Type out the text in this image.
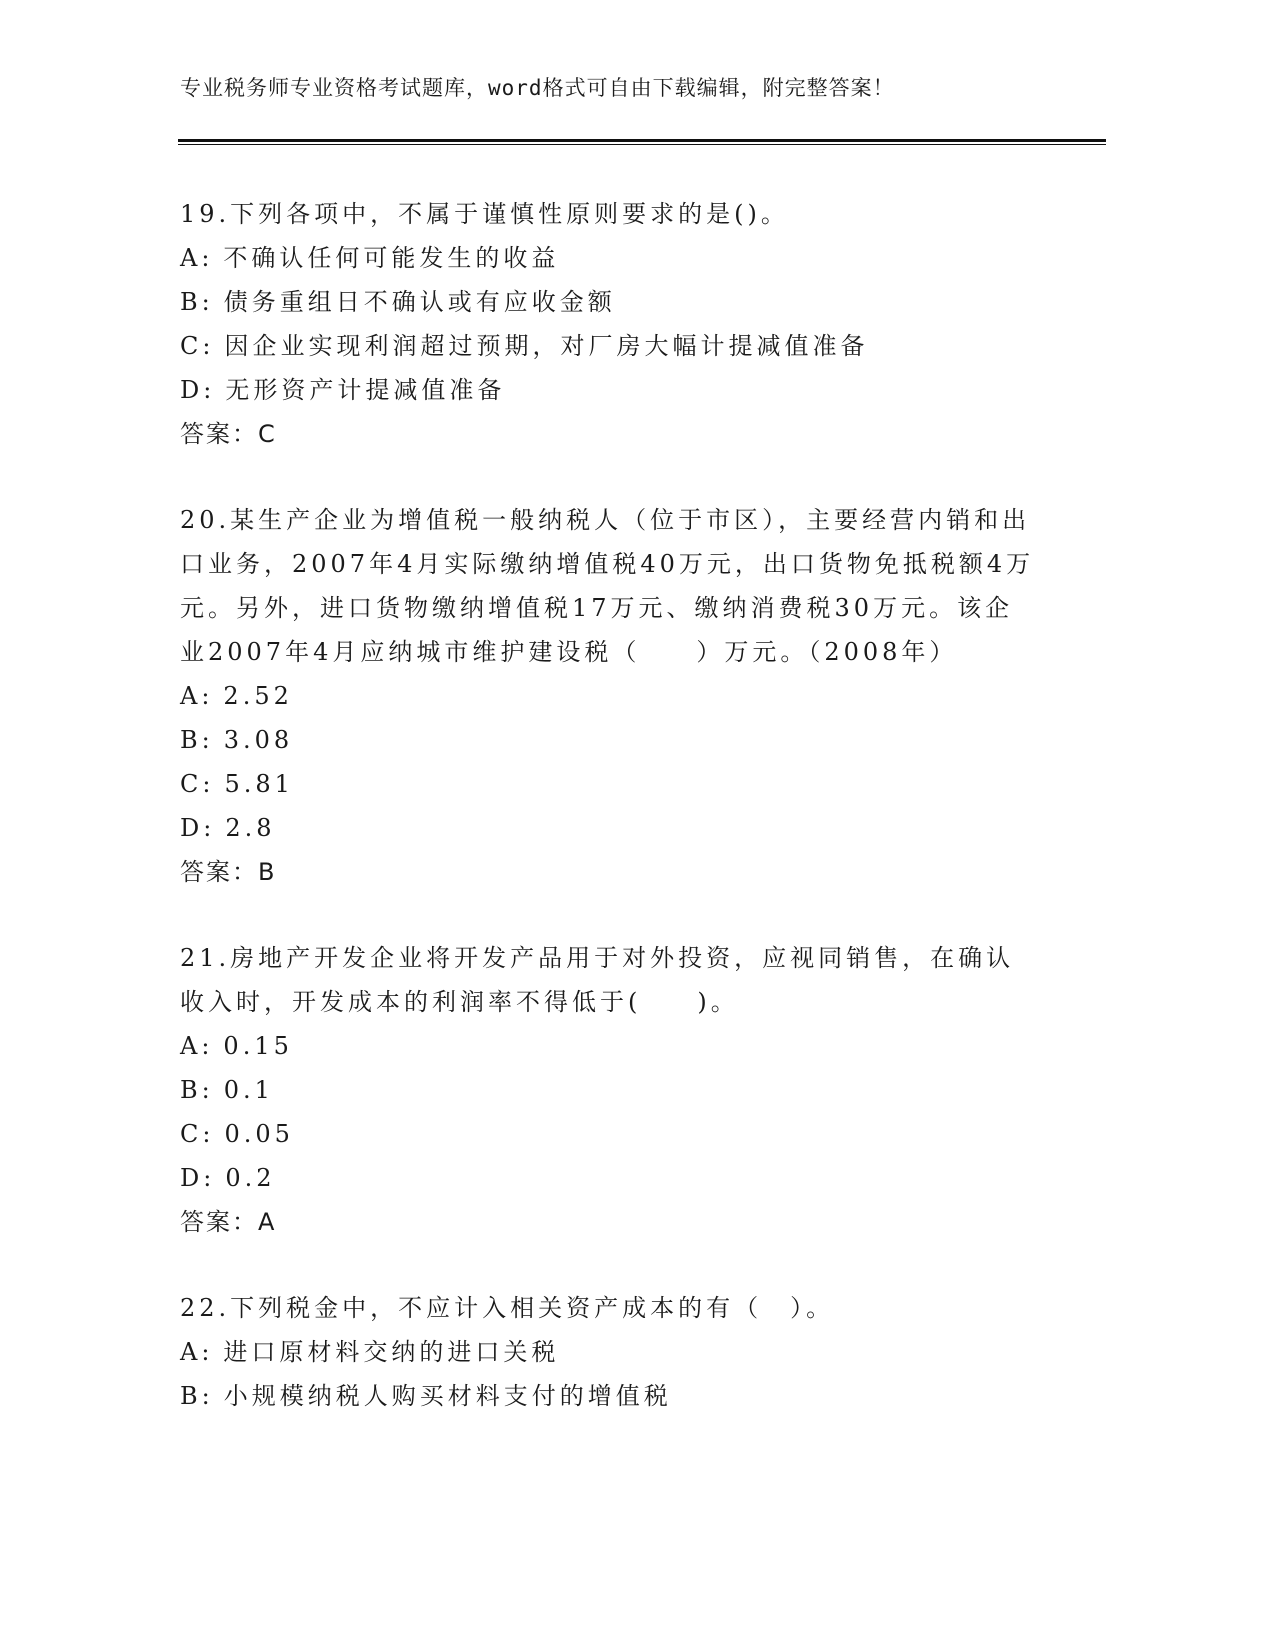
专业税务师专业资格考试题库，word格式可自由下载编辑，附完整答案！

19.下列各项中，不属于谨慎性原则要求的是()。

A: 不确认任何可能发生的收益

B: 债务重组日不确认或有应收金额

C: 因企业实现利润超过预期，对厂房大幅计提减值准备

D: 无形资产计提减值准备

答案：C

20.某生产企业为增值税一般纳税人（位于市区），主要经营内销和出口业务，2007年4月实际缴纳增值税40万元，出口货物免抵税额4万元。另外，进口货物缴纳增值税17万元、缴纳消费税30万元。该企业2007年4月应纳城市维护建设税（　　）万元。（2008年）

A: 2.52

B: 3.08

C: 5.81

D: 2.8

答案：B

21.房地产开发企业将开发产品用于对外投资，应视同销售，在确认收入时，开发成本的利润率不得低于(　　)。

A: 0.15

B: 0.1

C: 0.05

D: 0.2

答案：A

22.下列税金中，不应计入相关资产成本的有（　）。

A: 进口原材料交纳的进口关税

B: 小规模纳税人购买材料支付的增值税
